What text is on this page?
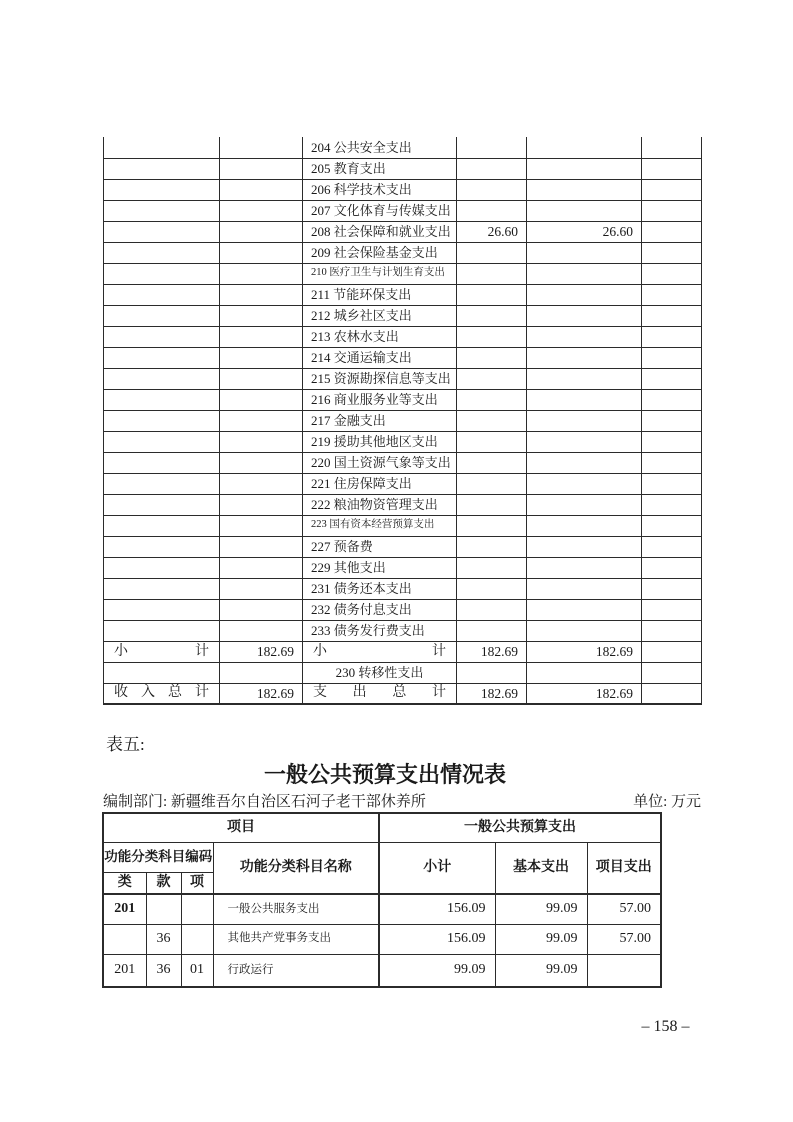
		204 公共安全支出			
		205 教育支出			
		206 科学技术支出			
		207 文化体育与传媒支出			
		208 社会保障和就业支出	26.60	26.60	
		209 社会保险基金支出			
		210 医疗卫生与计划生育支出			
		211 节能环保支出			
		212 城乡社区支出			
		213 农林水支出			
		214 交通运输支出			
		215 资源勘探信息等支出			
		216 商业服务业等支出			
		217 金融支出			
		219 援助其他地区支出			
		220 国土资源气象等支出			
		221 住房保障支出			
		222 粮油物资管理支出			
		223 国有资本经营预算支出			
		227 预备费			
		229 其他支出			
		231 债务还本支出			
		232 债务付息支出			
		233 债务发行费支出			
小 计	182.69	小 计	182.69	182.69	
		230 转移性支出			
收 入 总 计	182.69	支 出 总 计	182.69	182.69	
表五:
一般公共预算支出情况表
编制部门: 新疆维吾尔自治区石河子老干部休养所	单位: 万元
项目				一般公共预算支出		
功能分类科目编码			功能分类科目名称	小计	基本支出	项目支出
类	款	项				
201			一般公共服务支出	156.09	99.09	57.00
	36		其他共产党事务支出	156.09	99.09	57.00
201	36	01	行政运行	99.09	99.09	
– 158 –
